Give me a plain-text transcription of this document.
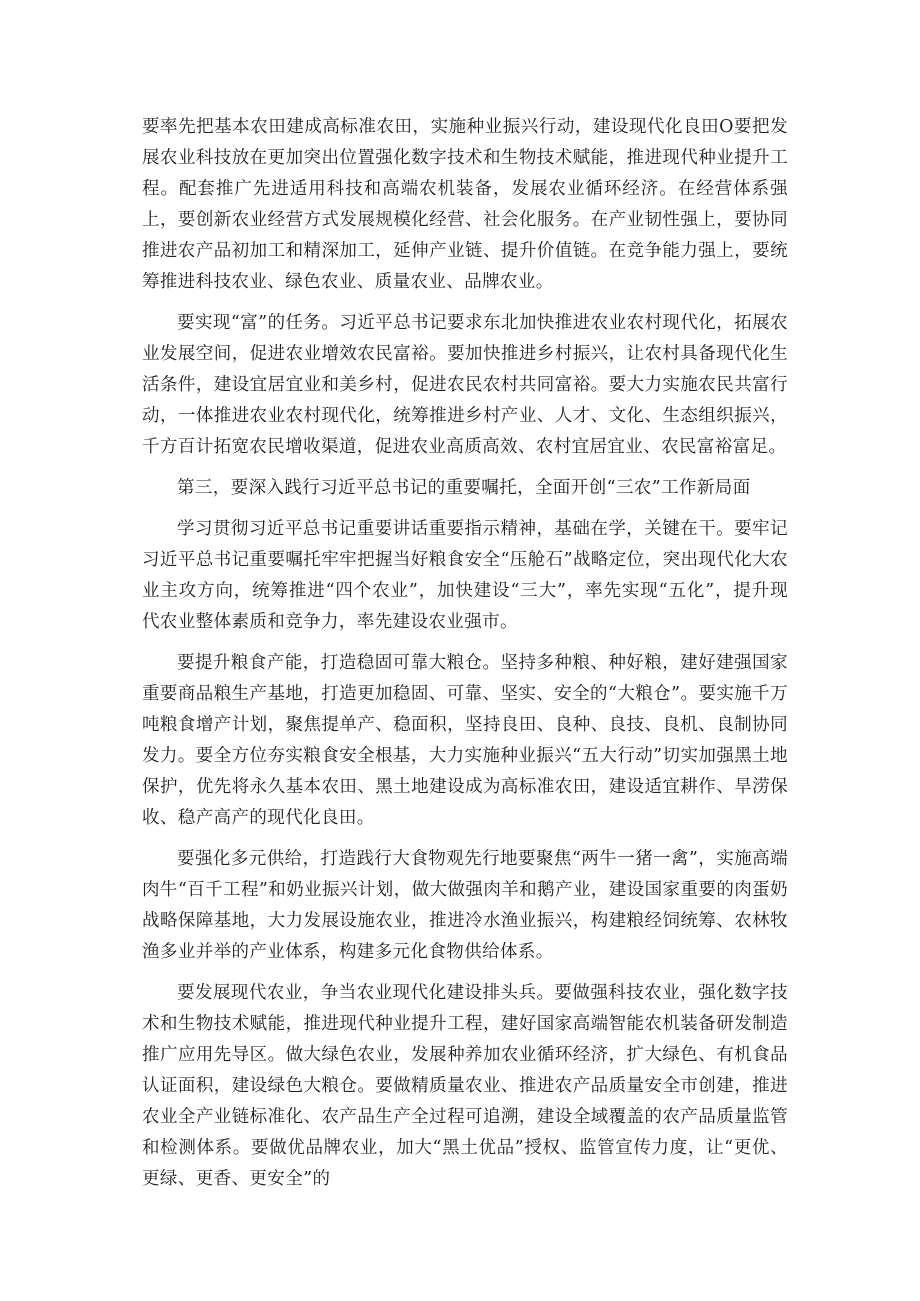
要率先把基本农田建成高标准农田，实施种业振兴行动，建设现代化良田O要把发展农业科技放在更加突出位置强化数字技术和生物技术赋能，推进现代种业提升工程。配套推广先进适用科技和高端农机装备，发展农业循环经济。在经营体系强上，要创新农业经营方式发展规模化经营、社会化服务。在产业韧性强上，要协同推进农产品初加工和精深加工，延伸产业链、提升价值链。在竞争能力强上，要统筹推进科技农业、绿色农业、质量农业、品牌农业。

要实现“富”的任务。习近平总书记要求东北加快推进农业农村现代化，拓展农业发展空间，促进农业增效农民富裕。要加快推进乡村振兴，让农村具备现代化生活条件，建设宜居宜业和美乡村，促进农民农村共同富裕。要大力实施农民共富行动，一体推进农业农村现代化，统筹推进乡村产业、人才、文化、生态组织振兴，千方百计拓宽农民增收渠道，促进农业高质高效、农村宜居宜业、农民富裕富足。

第三，要深入践行习近平总书记的重要嘱托，全面开创“三农”工作新局面

学习贯彻习近平总书记重要讲话重要指示精神，基础在学，关键在干。要牢记习近平总书记重要嘱托牢牢把握当好粮食安全“压舱石”战略定位，突出现代化大农业主攻方向，统筹推进“四个农业”，加快建设“三大”，率先实现“五化”，提升现代农业整体素质和竞争力，率先建设农业强市。

要提升粮食产能，打造稳固可靠大粮仓。坚持多种粮、种好粮，建好建强国家重要商品粮生产基地，打造更加稳固、可靠、坚实、安全的“大粮仓”。要实施千万吨粮食增产计划，聚焦提单产、稳面积，坚持良田、良种、良技、良机、良制协同发力。要全方位夯实粮食安全根基，大力实施种业振兴“五大行动”切实加强黑土地保护，优先将永久基本农田、黑土地建设成为高标准农田，建设适宜耕作、旱涝保收、稳产高产的现代化良田。

要强化多元供给，打造践行大食物观先行地要聚焦“两牛一猪一禽”，实施高端肉牛“百千工程”和奶业振兴计划，做大做强肉羊和鹅产业，建设国家重要的肉蛋奶战略保障基地，大力发展设施农业，推进冷水渔业振兴，构建粮经饲统筹、农林牧渔多业并举的产业体系，构建多元化食物供给体系。

要发展现代农业，争当农业现代化建设排头兵。要做强科技农业，强化数字技术和生物技术赋能，推进现代种业提升工程，建好国家高端智能农机装备研发制造推广应用先导区。做大绿色农业，发展种养加农业循环经济，扩大绿色、有机食品认证面积，建设绿色大粮仓。要做精质量农业、推进农产品质量安全市创建，推进农业全产业链标准化、农产品生产全过程可追溯，建设全域覆盖的农产品质量监管和检测体系。要做优品牌农业，加大“黑土优品”授权、监管宣传力度，让“更优、更绿、更香、更安全”的
